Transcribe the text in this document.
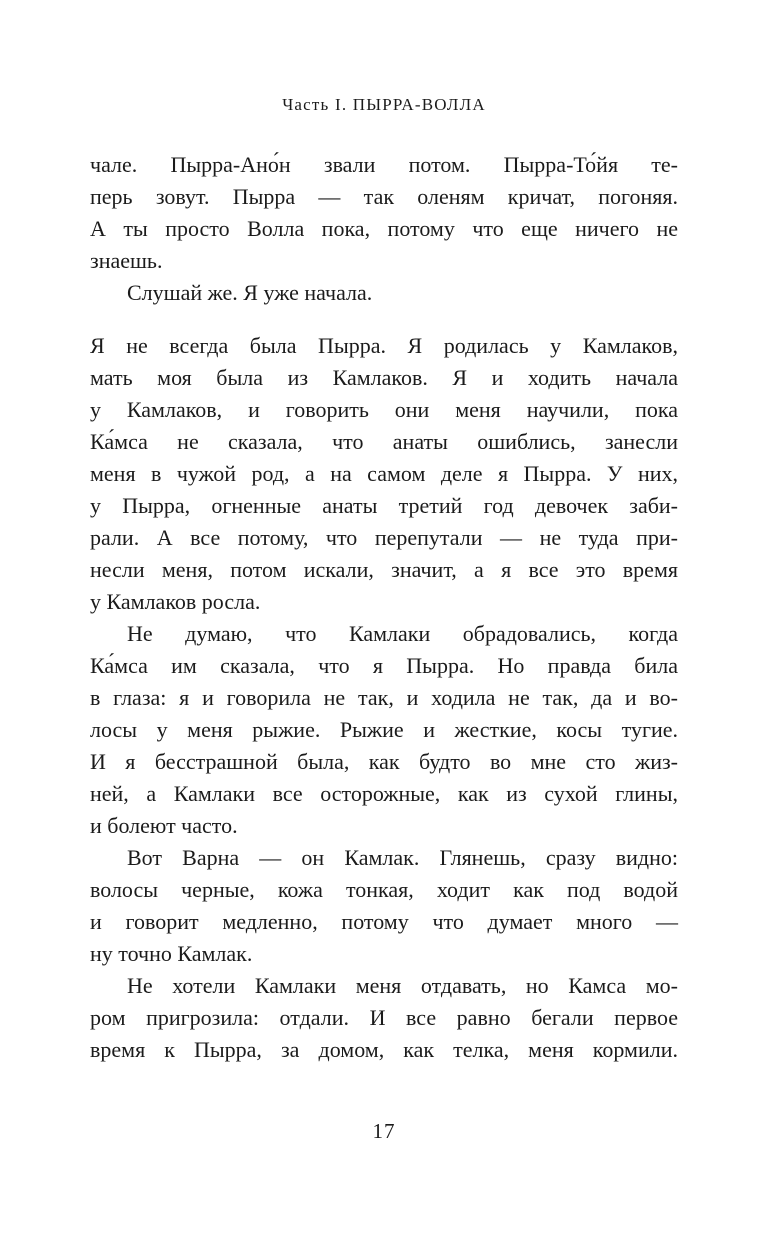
Часть I. ПЫРРА-ВОЛЛА
чале. Пырра-Ано́н звали потом. Пырра-То́йя те-
перь зовут. Пырра — так оленям кричат, погоняя.
А ты просто Волла пока, потому что еще ничего не
знаешь.
Слушай же. Я уже начала.
Я не всегда была Пырра. Я родилась у Камлаков,
мать моя была из Камлаков. Я и ходить начала
у Камлаков, и говорить они меня научили, пока
Ка́мса не сказала, что анаты ошиблись, занесли
меня в чужой род, а на самом деле я Пырра. У них,
у Пырра, огненные анаты третий год девочек заби-
рали. А все потому, что перепутали — не туда при-
несли меня, потом искали, значит, а я все это время
у Камлаков росла.
Не думаю, что Камлаки обрадовались, когда
Ка́мса им сказала, что я Пырра. Но правда била
в глаза: я и говорила не так, и ходила не так, да и во-
лосы у меня рыжие. Рыжие и жесткие, косы тугие.
И я бесстрашной была, как будто во мне сто жиз-
ней, а Камлаки все осторожные, как из сухой глины,
и болеют часто.
Вот Варна — он Камлак. Глянешь, сразу видно:
волосы черные, кожа тонкая, ходит как под водой
и говорит медленно, потому что думает много —
ну точно Камлак.
Не хотели Камлаки меня отдавать, но Камса мо-
ром пригрозила: отдали. И все равно бегали первое
время к Пырра, за домом, как телка, меня кормили.
17
